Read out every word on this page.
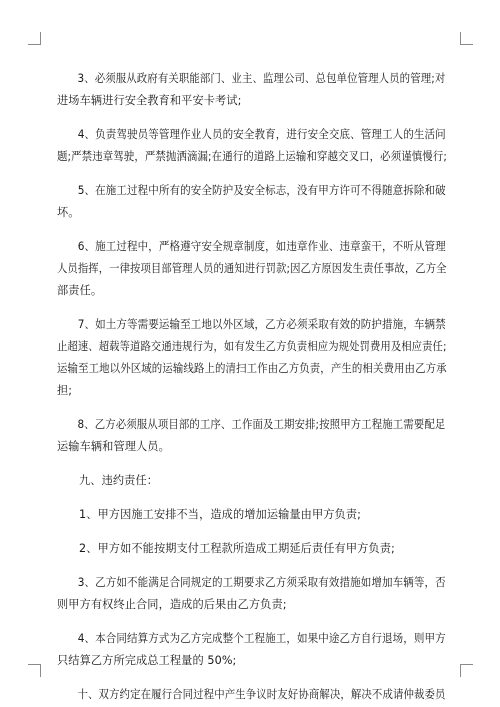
3、必须服从政府有关职能部门、业主、监理公司、总包单位管理人员的管理;对
进场车辆进行安全教育和平安卡考试;

4、负责驾驶员等管理作业人员的安全教育，进行安全交底、管理工人的生活问
题;严禁违章驾驶，严禁抛洒滴漏;在通行的道路上运输和穿越交叉口，必须谨慎慢行;

5、在施工过程中所有的安全防护及安全标志，没有甲方许可不得随意拆除和破
坏。

6、施工过程中，严格遵守安全规章制度，如违章作业、违章蛮干，不听从管理
人员指挥，一律按项目部管理人员的通知进行罚款;因乙方原因发生责任事故，乙方全
部责任。

7、如土方等需要运输至工地以外区域，乙方必须采取有效的防护措施，车辆禁
止超速、超载等道路交通违规行为，如有发生乙方负责相应为规处罚费用及相应责任;
运输至工地以外区域的运输线路上的清扫工作由乙方负责，产生的相关费用由乙方承
担;

8、乙方必须服从项目部的工序、工作面及工期安排;按照甲方工程施工需要配足
运输车辆和管理人员。

九、违约责任：

1、甲方因施工安排不当，造成的增加运输量由甲方负责;

2、甲方如不能按期支付工程款所造成工期延后责任有甲方负责;

3、乙方如不能满足合同规定的工期要求乙方须采取有效措施如增加车辆等，否
则甲方有权终止合同，造成的后果由乙方负责;

4、本合同结算方式为乙方完成整个工程施工，如果中途乙方自行退场，则甲方
只结算乙方所完成总工程量的 50%;

十、双方约定在履行合同过程中产生争议时友好协商解决，解决不成请仲裁委员
